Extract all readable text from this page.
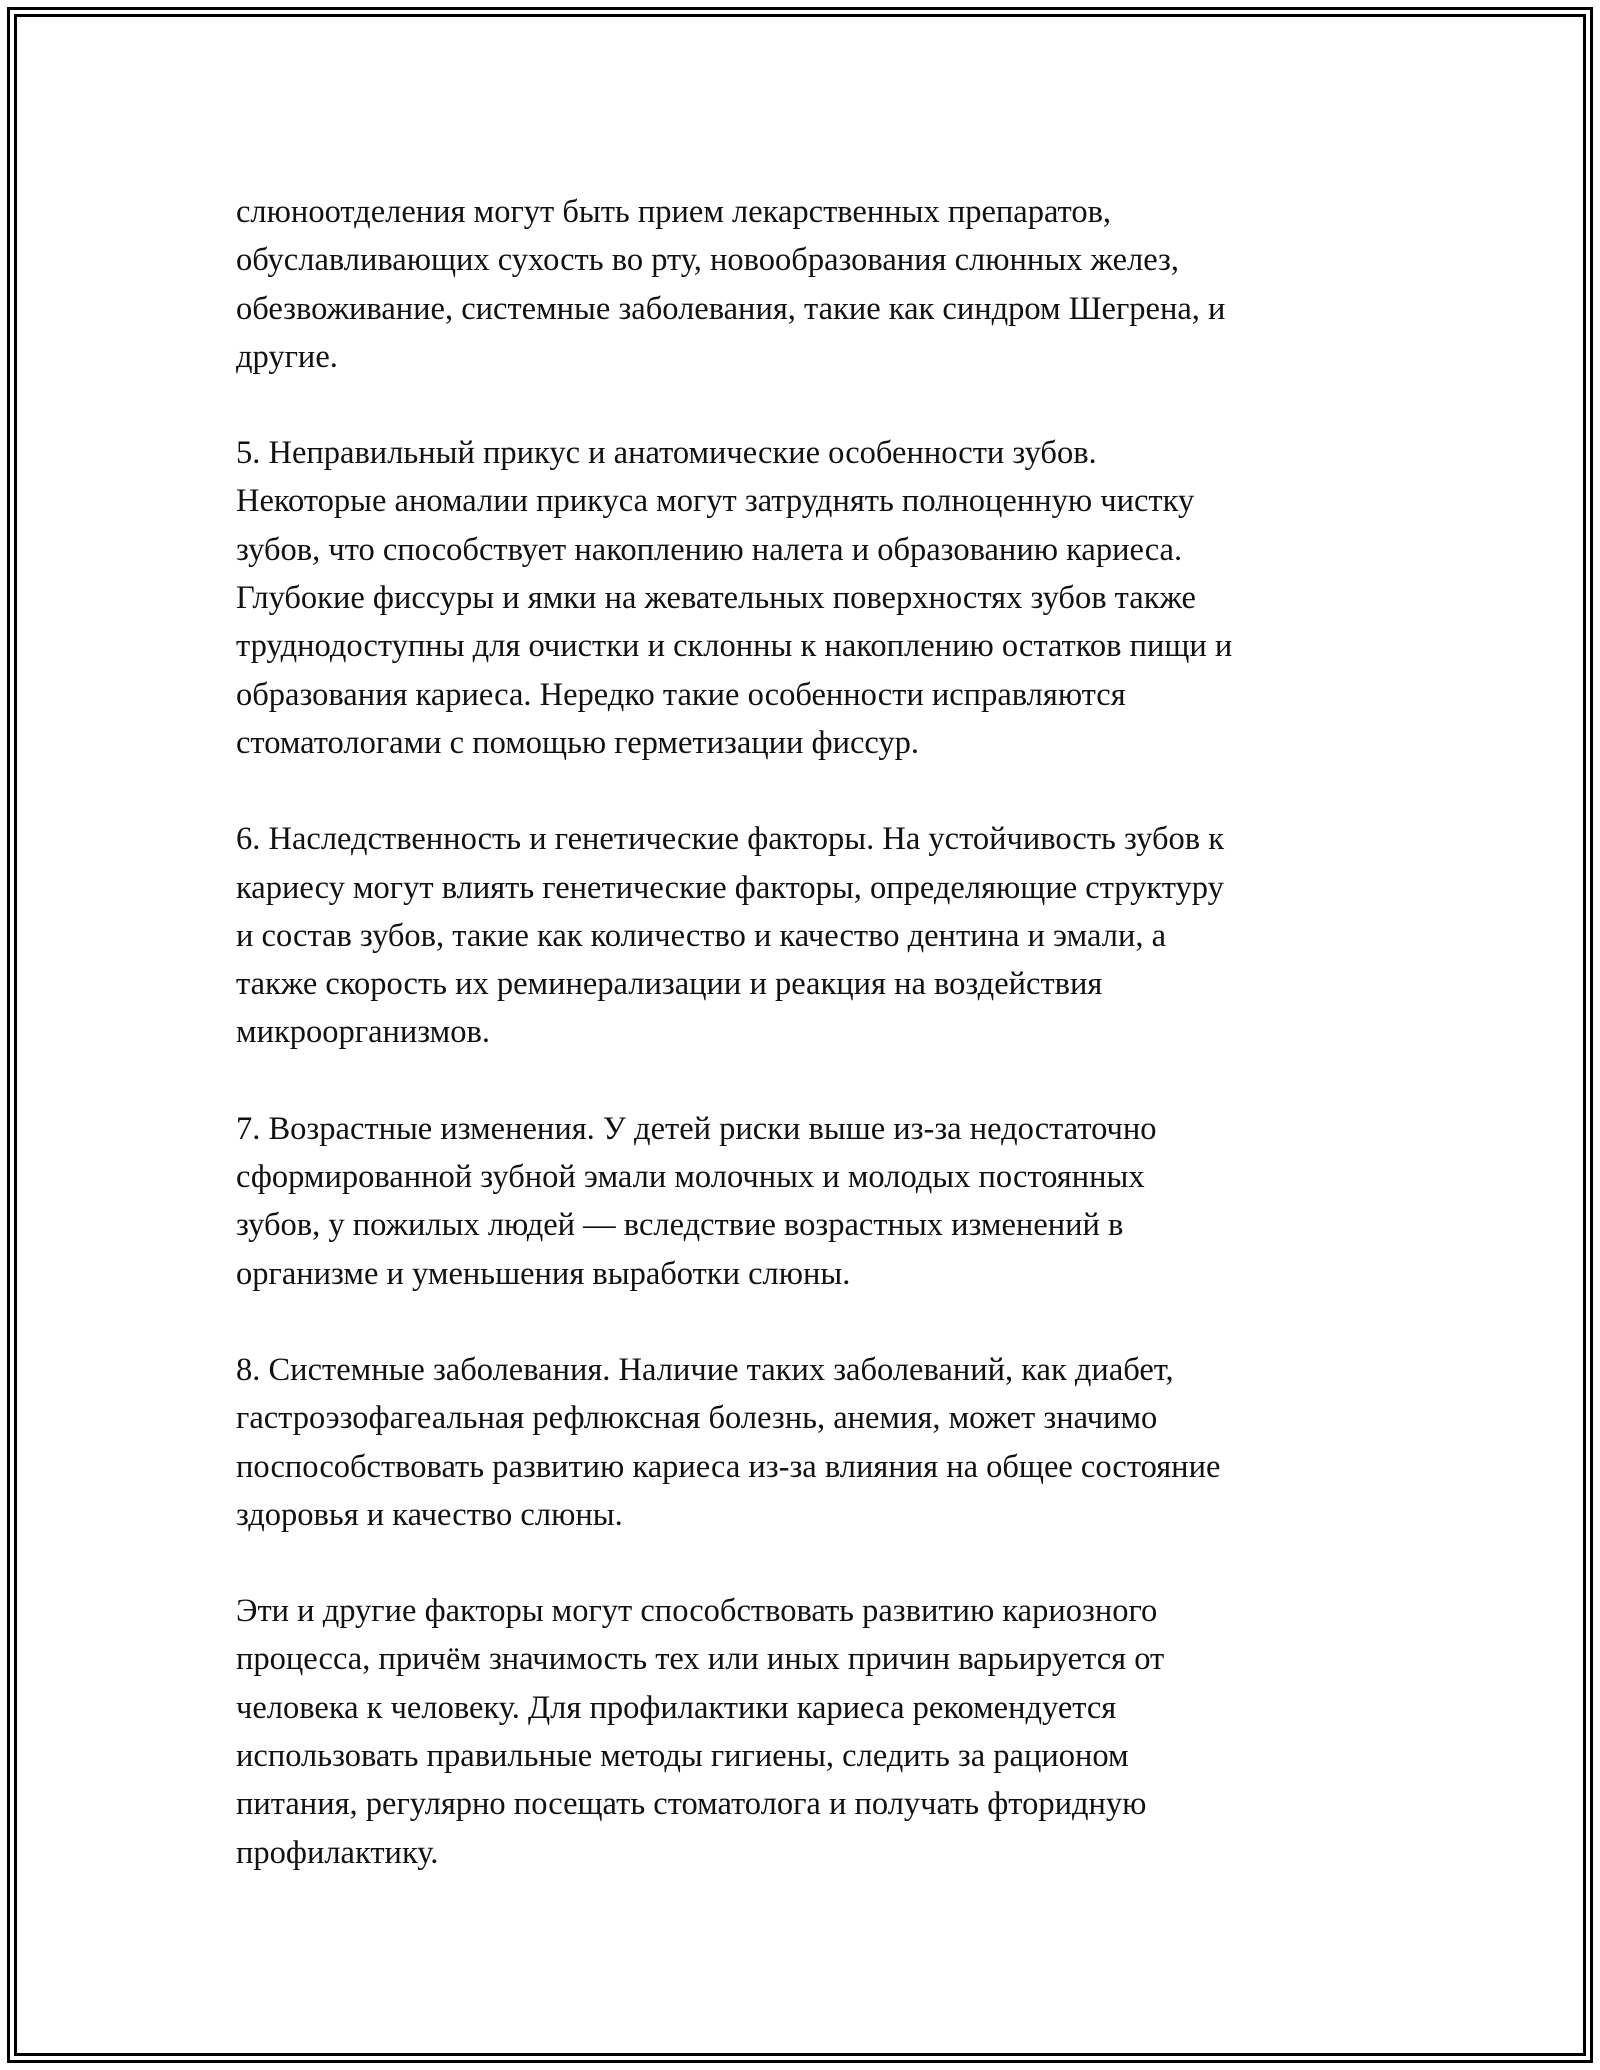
слюноотделения могут быть прием лекарственных препаратов,
обуславливающих сухость во рту, новообразования слюнных желез,
обезвоживание, системные заболевания, такие как синдром Шегрена, и
другие.

5. Неправильный прикус и анатомические особенности зубов.
Некоторые аномалии прикуса могут затруднять полноценную чистку
зубов, что способствует накоплению налета и образованию кариеса.
Глубокие фиссуры и ямки на жевательных поверхностях зубов также
труднодоступны для очистки и склонны к накоплению остатков пищи и
образования кариеса. Нередко такие особенности исправляются
стоматологами с помощью герметизации фиссур.

6. Наследственность и генетические факторы. На устойчивость зубов к
кариесу могут влиять генетические факторы, определяющие структуру
и состав зубов, такие как количество и качество дентина и эмали, а
также скорость их реминерализации и реакция на воздействия
микроорганизмов.

7. Возрастные изменения. У детей риски выше из-за недостаточно
сформированной зубной эмали молочных и молодых постоянных
зубов, у пожилых людей — вследствие возрастных изменений в
организме и уменьшения выработки слюны.

8. Системные заболевания. Наличие таких заболеваний, как диабет,
гастроэзофагеальная рефлюксная болезнь, анемия, может значимо
поспособствовать развитию кариеса из-за влияния на общее состояние
здоровья и качество слюны.

Эти и другие факторы могут способствовать развитию кариозного
процесса, причём значимость тех или иных причин варьируется от
человека к человеку. Для профилактики кариеса рекомендуется
использовать правильные методы гигиены, следить за рационом
питания, регулярно посещать стоматолога и получать фторидную
профилактику.
